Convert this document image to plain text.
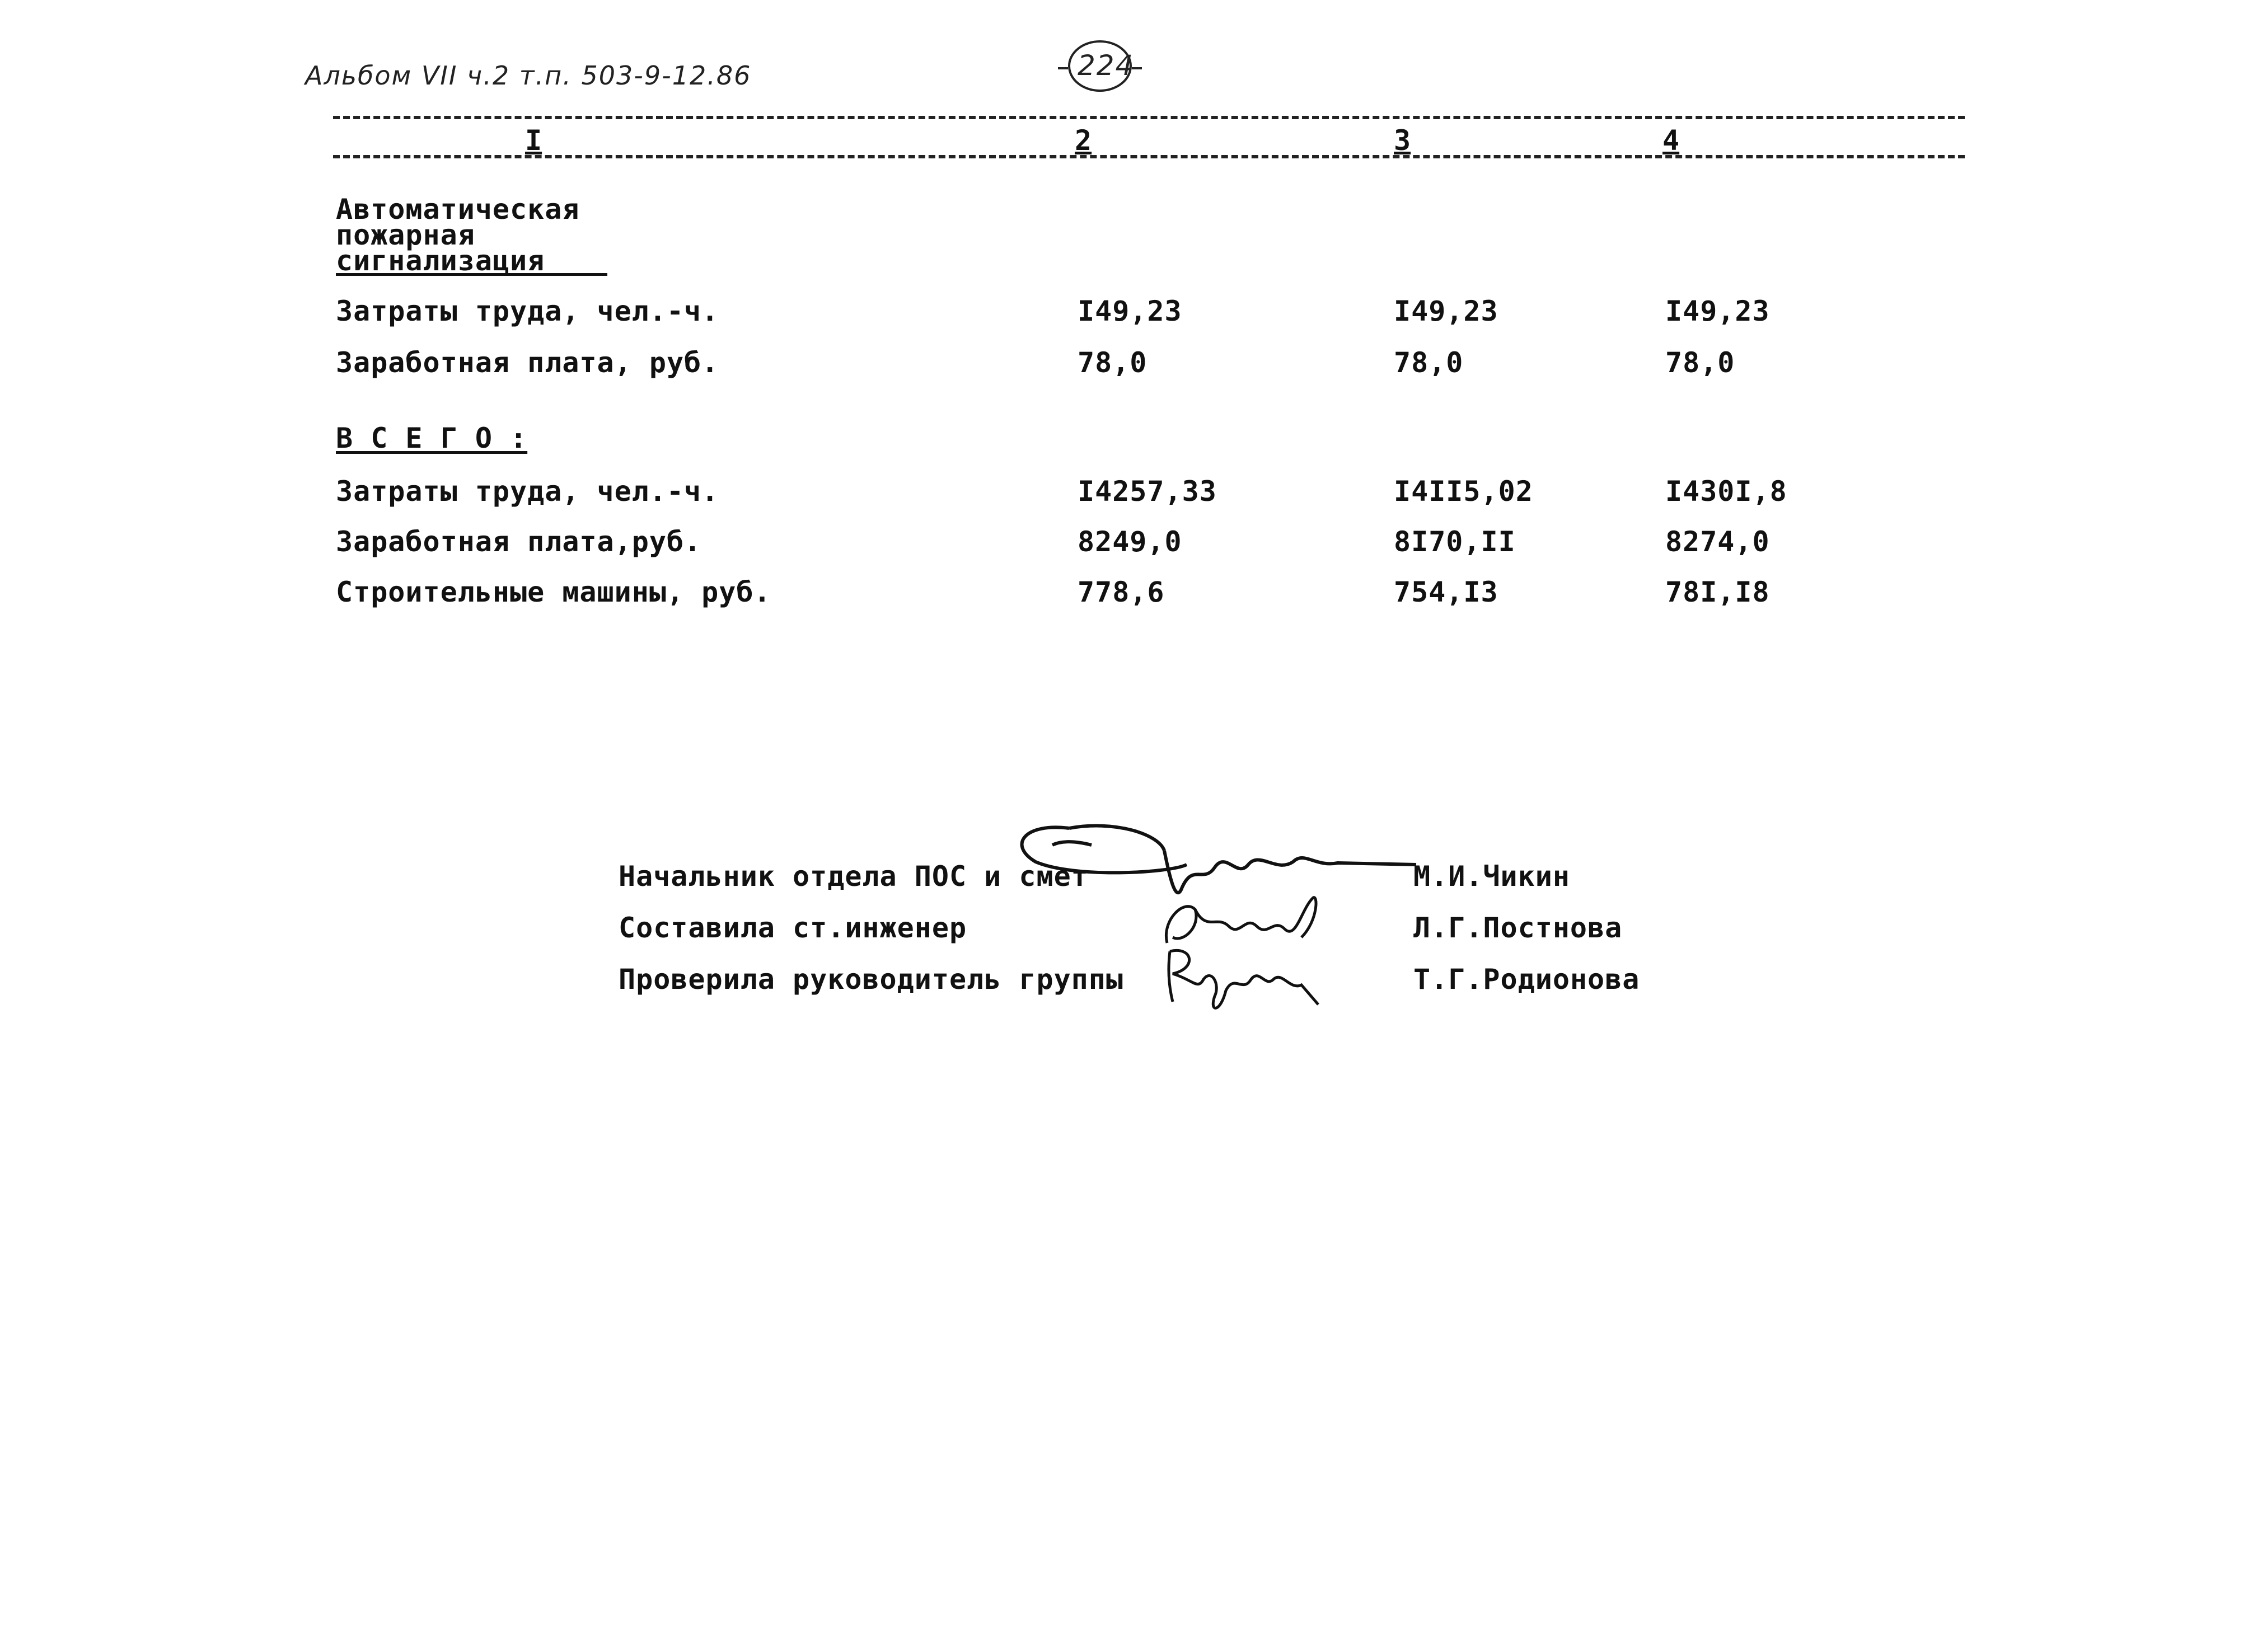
Альбом VII ч.2 т.п. 503-9-12.86	224
I	2	3	4
Автоматическая
пожарная
сигнализация
Затраты труда, чел.-ч.	I49,23	I49,23	I49,23
Заработная плата, руб.	78,0	78,0	78,0
В С Е Г О :
Затраты труда, чел.-ч.	I4257,33	I4II5,02	I430I,8
Заработная плата,руб.	8249,0	8I70,II	8274,0
Строительные машины, руб.	778,6	754,I3	78I,I8
Начальник отдела ПОС и смет	М.И.Чикин
Составила ст.инженер	Л.Г.Постнова
Проверила руководитель группы	Т.Г.Родионова
